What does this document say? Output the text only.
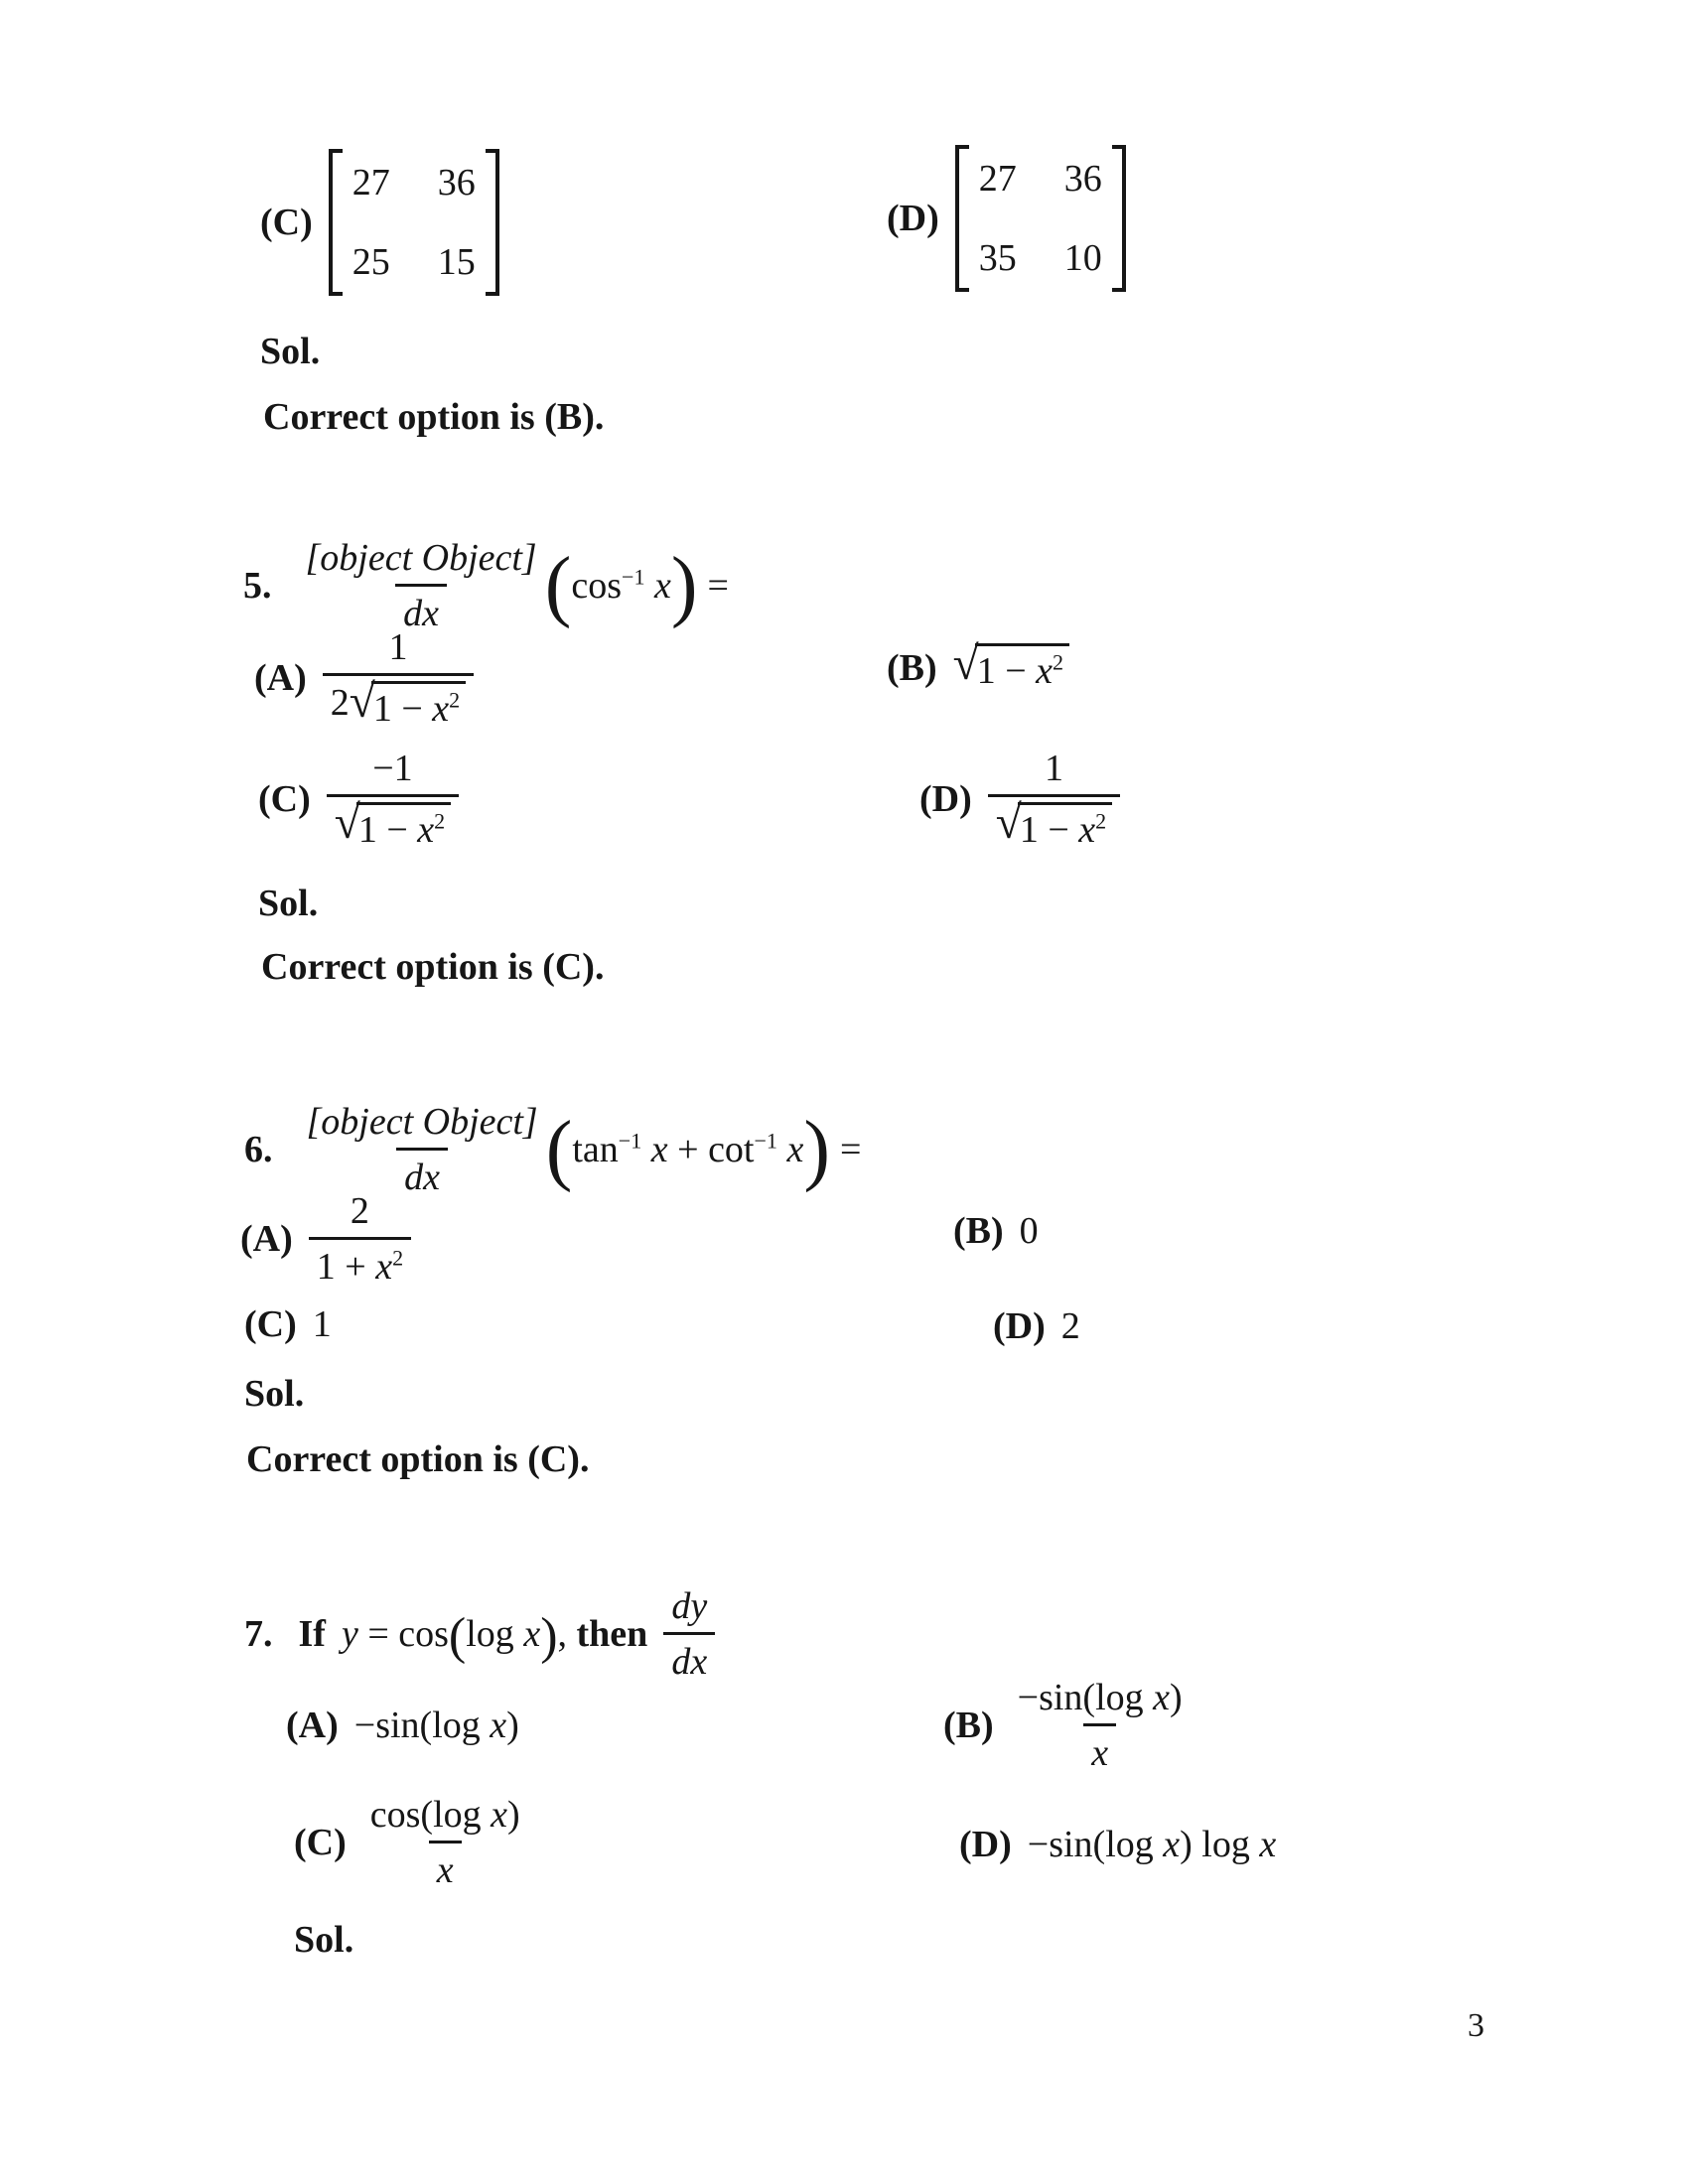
(C)
27 36
25 15
(D)
27 36
35 10
Sol.
Correct option is (B).
5. $\frac{\text{[object Object]}}{dx}$ ( $\cos^{-1} x$ ) =
(A) 1
2 √
$1 - x^2$	(B) √
$1 - x^2$
(C) −1
√
$1 - x^2$	(D) 1
√
$1 - x^2$
Sol.
Correct option is (C).
6. $\frac{\text{[object Object]}}{dx}$ ( $\tan^{-1} x + \cot^{-1} x$ ) =
$(A) \frac{2}{1 + x^2}$	(B) 0
(C) 1	(D) 2
Sol.
Correct option is (C).
7. If y = cos(log x), then $\frac{dy}{dx}$
(A) −sin(log x)	$(B) \frac{\text{−sin(log x)}}{x}$
$(C) \frac{\text{cos(log x)}}{x}$	(D) −sin(log x) log x
Sol.
3
